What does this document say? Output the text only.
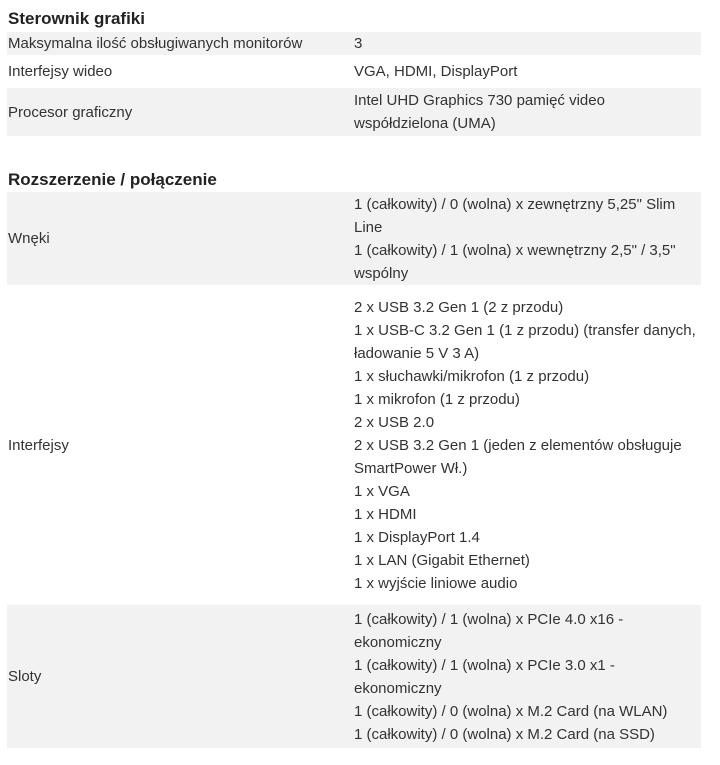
Sterownik grafiki
Maksymalna ilość obsługiwanych monitorów	3
Interfejsy wideo	VGA, HDMI, DisplayPort
Procesor graficzny
Intel UHD Graphics 730 pamięć video współdzielona (UMA)
Rozszerzenie / połączenie
Wnęki
1 (całkowity) / 0 (wolna) x zewnętrzny 5,25" Slim Line
1 (całkowity) / 1 (wolna) x wewnętrzny 2,5" / 3,5" wspólny
Interfejsy
2 x USB 3.2 Gen 1 (2 z przodu)
1 x USB-C 3.2 Gen 1 (1 z przodu) (transfer danych, ładowanie 5 V 3 A)
1 x słuchawki/mikrofon (1 z przodu)
1 x mikrofon (1 z przodu)
2 x USB 2.0
2 x USB 3.2 Gen 1 (jeden z elementów obsługuje SmartPower Wł.)
1 x VGA
1 x HDMI
1 x DisplayPort 1.4
1 x LAN (Gigabit Ethernet)
1 x wyjście liniowe audio
Sloty
1 (całkowity) / 1 (wolna) x PCIe 4.0 x16 - ekonomiczny
1 (całkowity) / 1 (wolna) x PCIe 3.0 x1 - ekonomiczny
1 (całkowity) / 0 (wolna) x M.2 Card (na WLAN)
1 (całkowity) / 0 (wolna) x M.2 Card (na SSD)
